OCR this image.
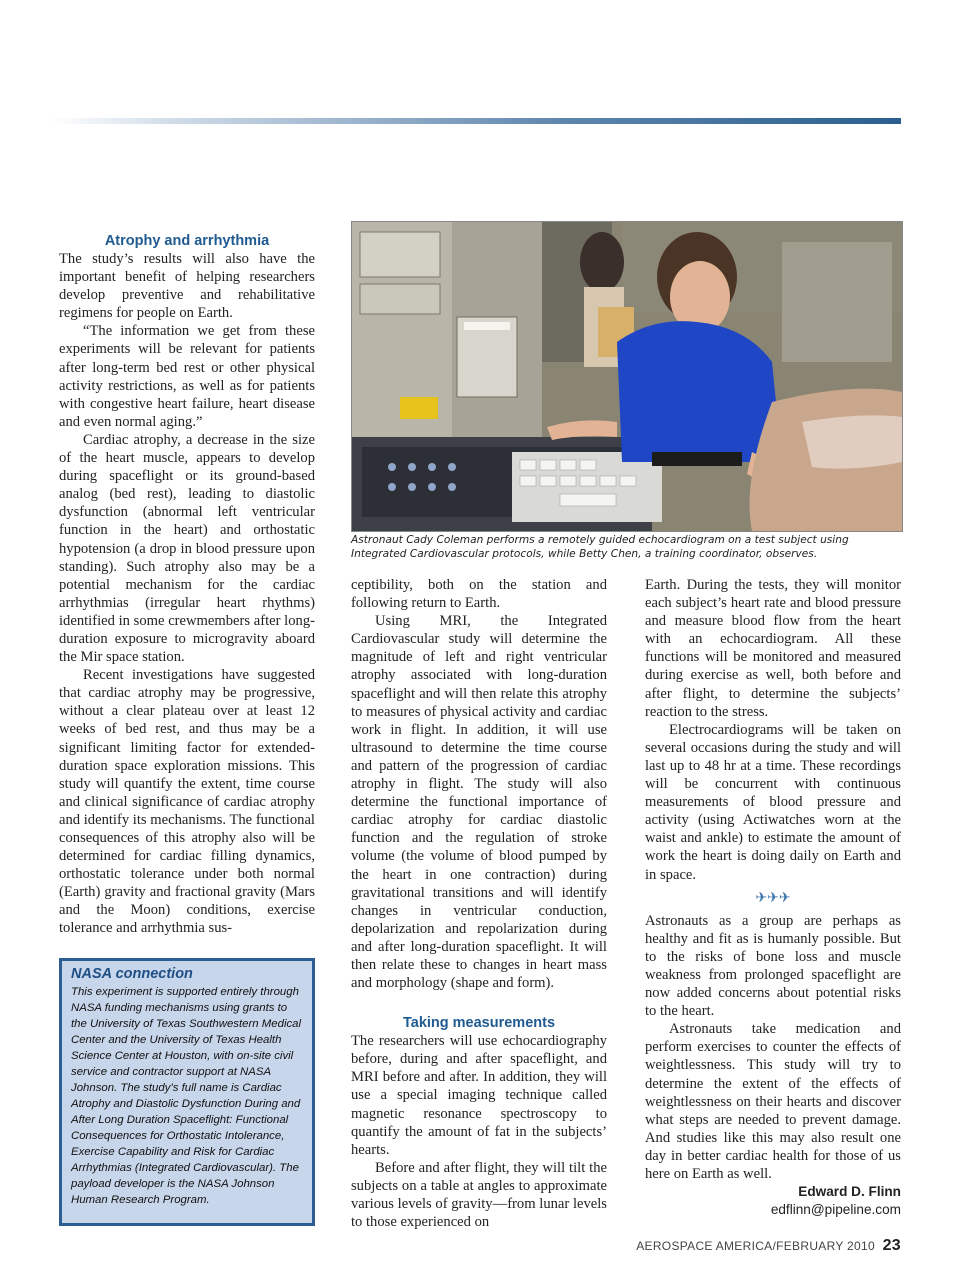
Atrophy and arrhythmia

The study’s results will also have the important benefit of helping researchers develop preventive and rehabilitative regimens for people on Earth.

“The information we get from these experiments will be relevant for patients after long-term bed rest or other physical activity restrictions, as well as for patients with congestive heart failure, heart disease and even normal aging.”

Cardiac atrophy, a decrease in the size of the heart muscle, appears to develop during spaceflight or its ground-based analog (bed rest), leading to diastolic dysfunction (abnormal left ventricular function in the heart) and orthostatic hypotension (a drop in blood pressure upon standing). Such atrophy also may be a potential mechanism for the cardiac arrhythmias (irregular heart rhythms) identified in some crewmembers after long-duration exposure to microgravity aboard the Mir space station.

Recent investigations have suggested that cardiac atrophy may be progressive, without a clear plateau over at least 12 weeks of bed rest, and thus may be a significant limiting factor for extended-duration space exploration missions. This study will quantify the extent, time course and clinical significance of cardiac atrophy and identify its mechanisms. The functional consequences of this atrophy also will be determined for cardiac filling dynamics, orthostatic tolerance under both normal (Earth) gravity and fractional gravity (Mars and the Moon) conditions, exercise tolerance and arrhythmia sus-

NASA connection

This experiment is supported entirely through NASA funding mechanisms using grants to the University of Texas Southwestern Medical Center and the University of Texas Health Science Center at Houston, with on-site civil service and contractor support at NASA Johnson. The study’s full name is Cardiac Atrophy and Diastolic Dysfunction During and After Long Duration Spaceflight: Functional Consequences for Orthostatic Intolerance, Exercise Capability and Risk for Cardiac Arrhythmias (Integrated Cardiovascular). The payload developer is the NASA Johnson Human Research Program.

Astronaut Cady Coleman performs a remotely guided echocardiogram on a test subject using Integrated Cardiovascular protocols, while Betty Chen, a training coordinator, observes.

ceptibility, both on the station and following return to Earth.

Using MRI, the Integrated Cardiovascular study will determine the magnitude of left and right ventricular atrophy associated with long-duration spaceflight and will then relate this atrophy to measures of physical activity and cardiac work in flight. In addition, it will use ultrasound to determine the time course and pattern of the progression of cardiac atrophy in flight. The study will also determine the functional importance of cardiac atrophy for cardiac diastolic function and the regulation of stroke volume (the volume of blood pumped by the heart in one contraction) during gravitational transitions and will identify changes in ventricular conduction, depolarization and repolarization during and after long-duration spaceflight. It will then relate these to changes in heart mass and morphology (shape and form).

Taking measurements

The researchers will use echocardiography before, during and after spaceflight, and MRI before and after. In addition, they will use a special imaging technique called magnetic resonance spectroscopy to quantify the amount of fat in the subjects’ hearts.

Before and after flight, they will tilt the subjects on a table at angles to approximate various levels of gravity—from lunar levels to those experienced on

Earth. During the tests, they will monitor each subject’s heart rate and blood pressure and measure blood flow from the heart with an echocardiogram. All these functions will be monitored and measured during exercise as well, both before and after flight, to determine the subjects’ reaction to the stress.

Electrocardiograms will be taken on several occasions during the study and will last up to 48 hr at a time. These recordings will be concurrent with continuous measurements of blood pressure and activity (using Actiwatches worn at the waist and ankle) to estimate the amount of work the heart is doing daily on Earth and in space.

✈✈✈

Astronauts as a group are perhaps as healthy and fit as is humanly possible. But to the risks of bone loss and muscle weakness from prolonged spaceflight are now added concerns about potential risks to the heart.

Astronauts take medication and perform exercises to counter the effects of weightlessness. This study will try to determine the extent of the effects of weightlessness on their hearts and discover what steps are needed to prevent damage. And studies like this may also result one day in better cardiac health for those of us here on Earth as well.

Edward D. Flinn
edflinn@pipeline.com
AEROSPACE AMERICA/FEBRUARY 2010 23
